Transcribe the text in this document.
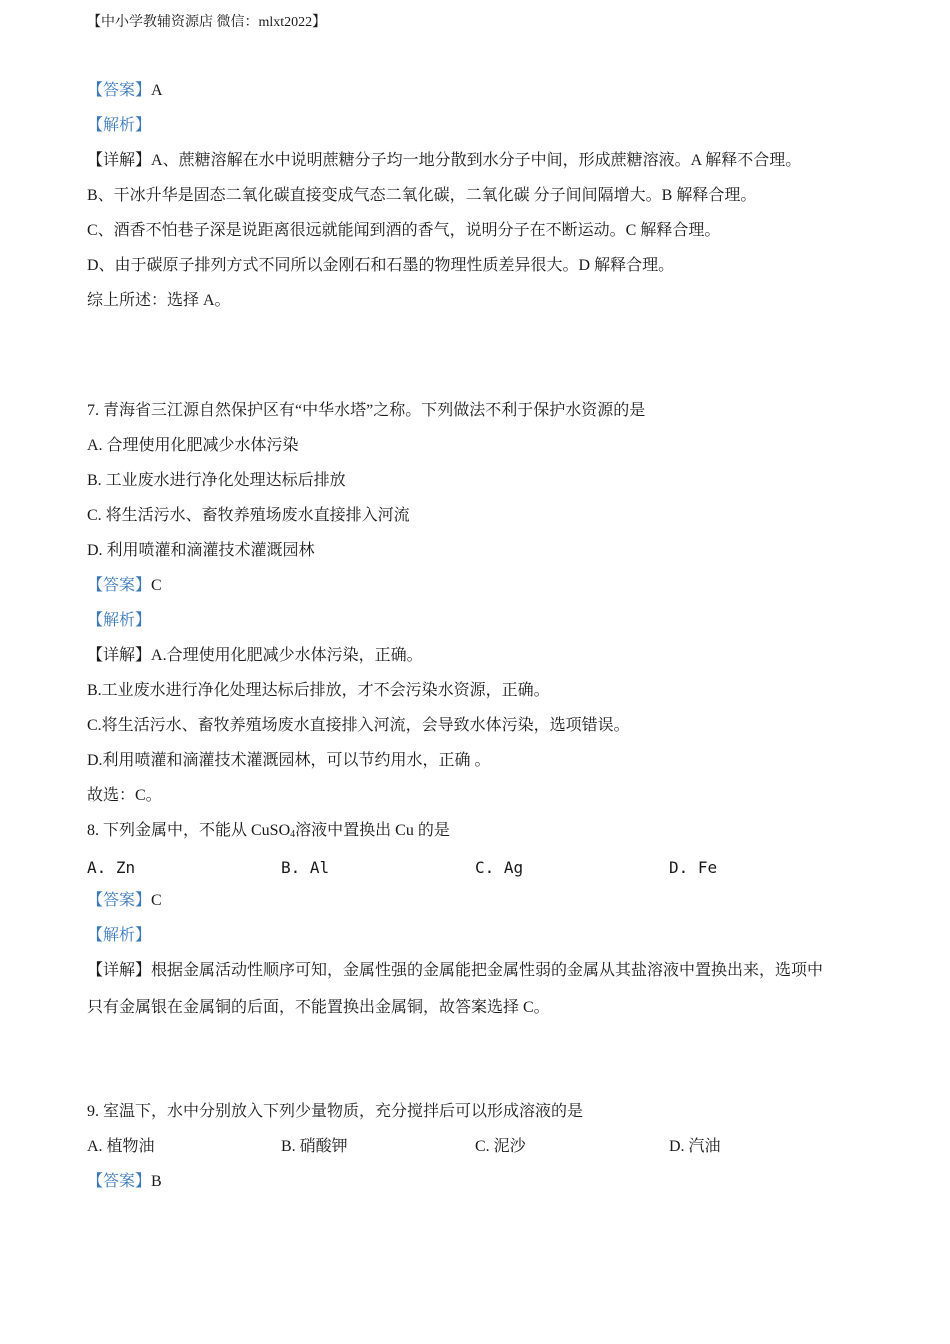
【中小学教辅资源店 微信：mlxt2022】
【答案】A
【解析】
【详解】A、蔗糖溶解在水中说明蔗糖分子均一地分散到水分子中间，形成蔗糖溶液。A 解释不合理。
B、干冰升华是固态二氧化碳直接变成气态二氧化碳，二氧化碳 分子间间隔增大。B 解释合理。
C、酒香不怕巷子深是说距离很远就能闻到酒的香气，说明分子在不断运动。C 解释合理。
D、由于碳原子排列方式不同所以金刚石和石墨的物理性质差异很大。D 解释合理。
综上所述：选择 A。
7. 青海省三江源自然保护区有“中华水塔”之称。下列做法不利于保护水资源的是
A. 合理使用化肥减少水体污染
B. 工业废水进行净化处理达标后排放
C. 将生活污水、畜牧养殖场废水直接排入河流
D. 利用喷灌和滴灌技术灌溉园林
【答案】C
【解析】
【详解】A.合理使用化肥减少水体污染，正确。
B.工业废水进行净化处理达标后排放，才不会污染水资源，正确。
C.将生活污水、畜牧养殖场废水直接排入河流，会导致水体污染，选项错误。
D.利用喷灌和滴灌技术灌溉园林，可以节约用水，正确 。
故选：C。
8. 下列金属中，不能从 CuSO$_4$溶液中置换出 Cu 的是
A. Zn	B. Al	C. Ag	D. Fe
【答案】C
【解析】
【详解】根据金属活动性顺序可知，金属性强的金属能把金属性弱的金属从其盐溶液中置换出来，选项中
只有金属银在金属铜的后面，不能置换出金属铜，故答案选择 C。
9. 室温下，水中分别放入下列少量物质，充分搅拌后可以形成溶液的是
A. 植物油	B. 硝酸钾	C. 泥沙	D. 汽油
【答案】B
